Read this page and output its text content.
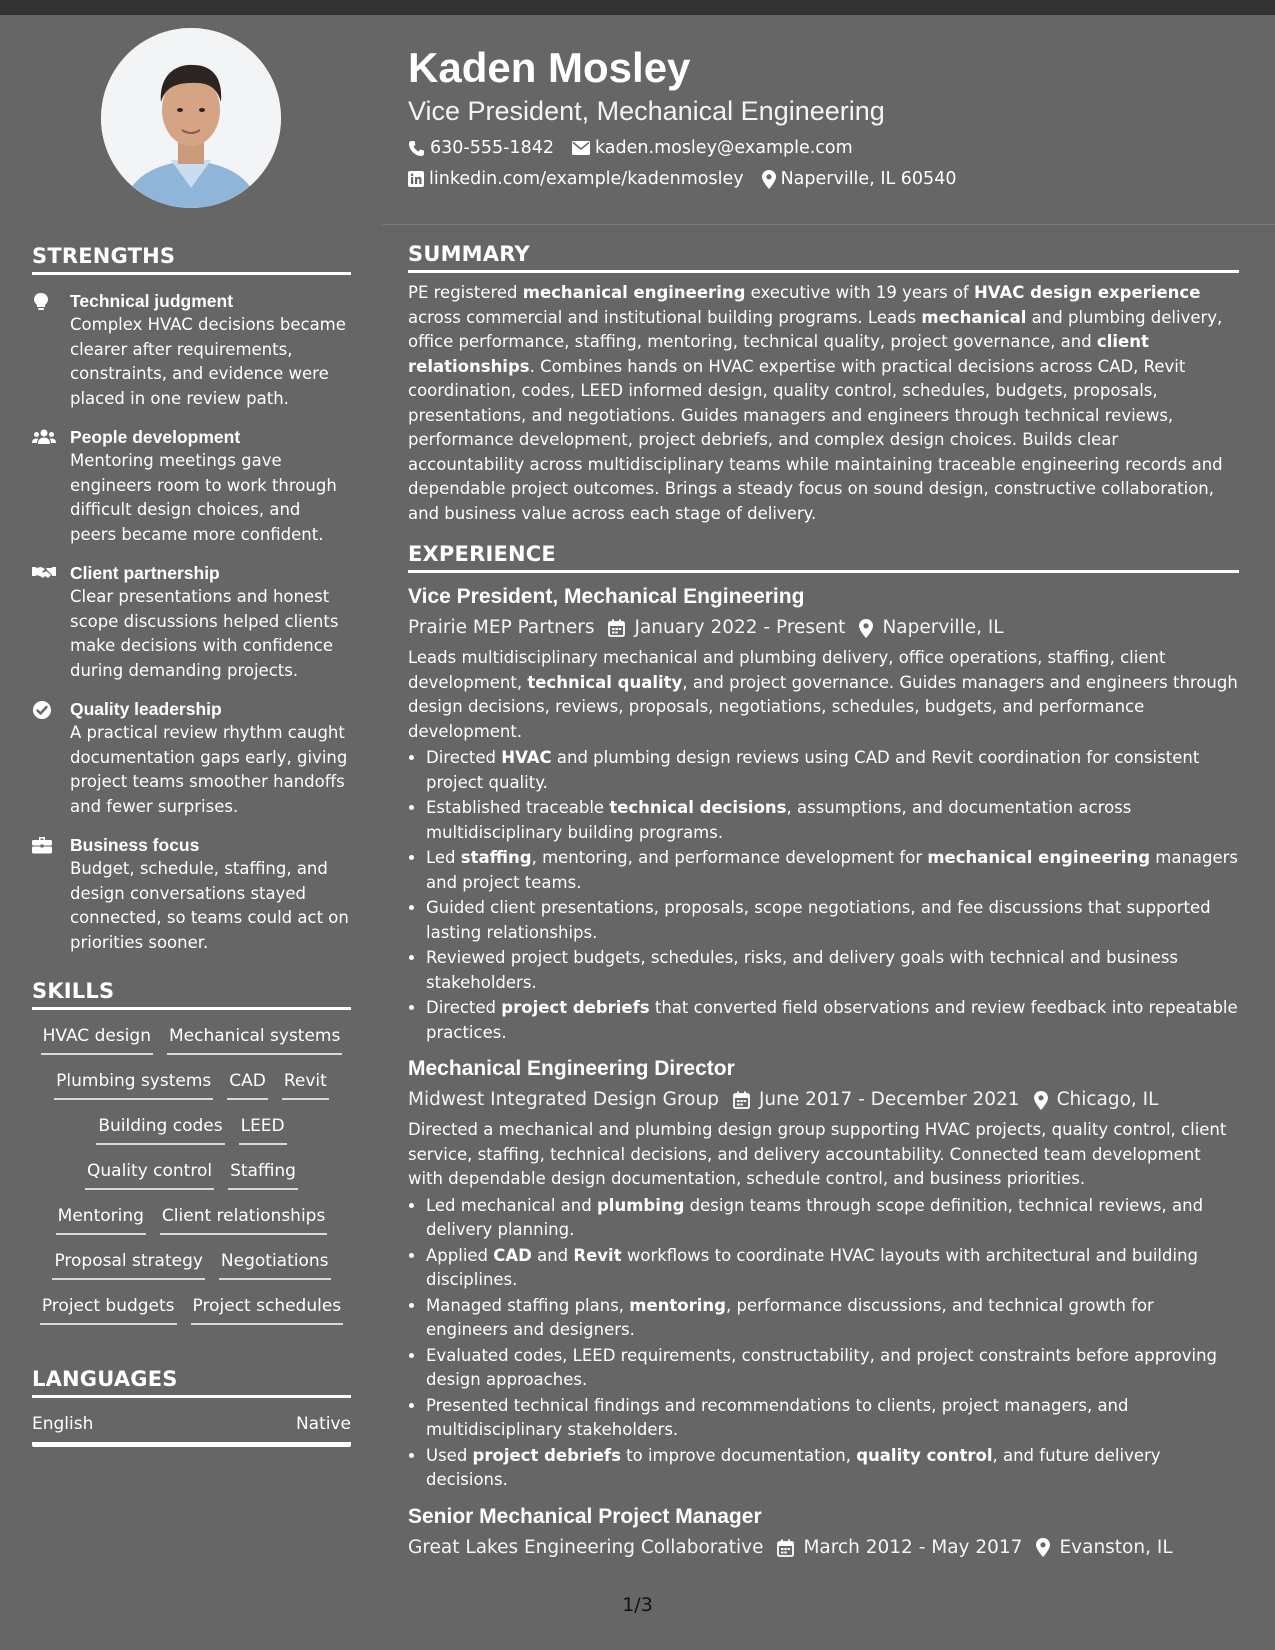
STRENGTHS
Technical judgment
Complex HVAC decisions became clearer after requirements, constraints, and evidence were placed in one review path.
People development
Mentoring meetings gave engineers room to work through difficult design choices, and peers became more confident.
Client partnership
Clear presentations and honest scope discussions helped clients make decisions with confidence during demanding projects.
Quality leadership
A practical review rhythm caught documentation gaps early, giving project teams smoother handoffs and fewer surprises.
Business focus
Budget, schedule, staffing, and design conversations stayed connected, so teams could act on priorities sooner.
SKILLS
HVAC design Mechanical systems
Plumbing systems CAD Revit
Building codes LEED
Quality control Staffing
Mentoring Client relationships
Proposal strategy Negotiations
Project budgets Project schedules
LANGUAGES
English	Native
Kaden Mosley
Vice President, Mechanical Engineering
630-555-1842 kaden.mosley@example.com
linkedin.com/example/kadenmosley Naperville, IL 60540
SUMMARY
PE registered mechanical engineering executive with 19 years of HVAC design experience across commercial and institutional building programs. Leads mechanical and plumbing delivery, office performance, staffing, mentoring, technical quality, project governance, and client relationships. Combines hands on HVAC expertise with practical decisions across CAD, Revit coordination, codes, LEED informed design, quality control, schedules, budgets, proposals, presentations, and negotiations. Guides managers and engineers through technical reviews, performance development, project debriefs, and complex design choices. Builds clear accountability across multidisciplinary teams while maintaining traceable engineering records and dependable project outcomes. Brings a steady focus on sound design, constructive collaboration, and business value across each stage of delivery.
EXPERIENCE
Vice President, Mechanical Engineering
Prairie MEP Partners January 2022 - Present Naperville, IL
Leads multidisciplinary mechanical and plumbing delivery, office operations, staffing, client development, technical quality, and project governance. Guides managers and engineers through design decisions, reviews, proposals, negotiations, schedules, budgets, and performance development.
• Directed HVAC and plumbing design reviews using CAD and Revit coordination for consistent project quality.
• Established traceable technical decisions, assumptions, and documentation across multidisciplinary building programs.
• Led staffing, mentoring, and performance development for mechanical engineering managers and project teams.
• Guided client presentations, proposals, scope negotiations, and fee discussions that supported lasting relationships.
• Reviewed project budgets, schedules, risks, and delivery goals with technical and business stakeholders.
• Directed project debriefs that converted field observations and review feedback into repeatable practices.
Mechanical Engineering Director
Midwest Integrated Design Group June 2017 - December 2021 Chicago, IL
Directed a mechanical and plumbing design group supporting HVAC projects, quality control, client service, staffing, technical decisions, and delivery accountability. Connected team development with dependable design documentation, schedule control, and business priorities.
• Led mechanical and plumbing design teams through scope definition, technical reviews, and delivery planning.
• Applied CAD and Revit workflows to coordinate HVAC layouts with architectural and building disciplines.
• Managed staffing plans, mentoring, performance discussions, and technical growth for engineers and designers.
• Evaluated codes, LEED requirements, constructability, and project constraints before approving design approaches.
• Presented technical findings and recommendations to clients, project managers, and multidisciplinary stakeholders.
• Used project debriefs to improve documentation, quality control, and future delivery decisions.
Senior Mechanical Project Manager
Great Lakes Engineering Collaborative March 2012 - May 2017 Evanston, IL
1/3
